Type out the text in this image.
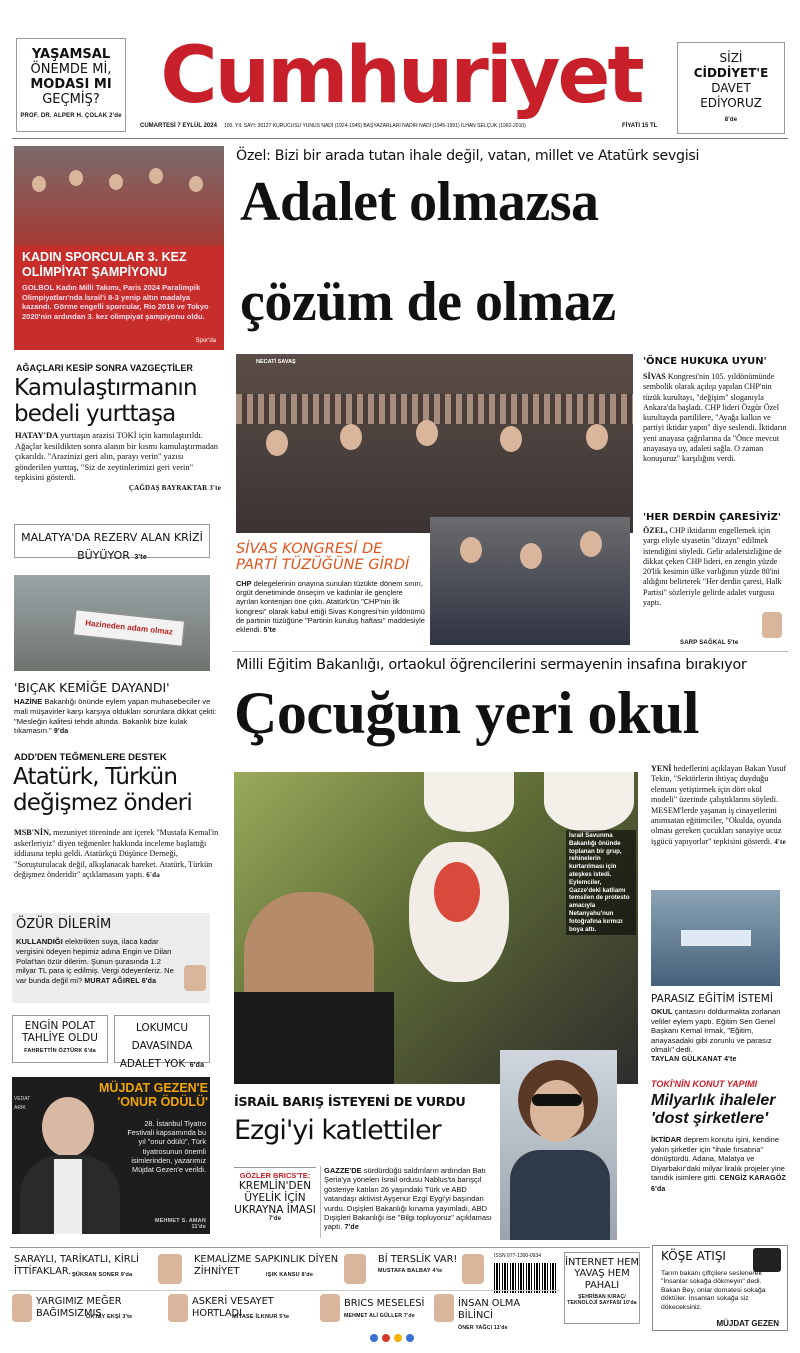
YAŞAMSAL
ÖNEMDE Mİ,
MODASI MI
GEÇMİŞ?
PROF. DR. ALPER H. ÇOLAK 2'de Cumhuriyet	SİZİ
CİDDİYET'E
DAVET
EDİYORUZ
8'de
CUMARTESİ 7 EYLÜL 2024 100. YIL SAYI: 36127 KURUCUSU YUNUS NADİ (1924-1945) BAŞYAZARLARI NADİR NADİ (1945-1991) İLHAN SELÇUK (1992-2010)	FİYATI 15 TL
KADIN SPORCULAR 3. KEZ OLİMPİYAT ŞAMPİYONU
GOLBOL Kadın Milli Takımı, Paris 2024 Paralimpik Olimpiyatları'nda İsrail'i 8-3 yenip altın madalya kazandı. Görme engelli sporcular, Rio 2016 ve Tokyo 2020'nin ardından 3. kez olimpiyat şampiyonu oldu.
Spor'da
AĞAÇLARI KESİP SONRA VAZGEÇTİLER
Kamulaştırmanın bedeli yurttaşa
HATAY'DA yurttaşın arazisi TOKİ için kamulaştırıldı. Ağaçlar kesildikten sonra alanın bir kısmı kamulaştırmadan çıkarıldı. "Arazinizi geri alın, parayı verin" yazısı gönderilen yurttaş, "Siz de zeytinlerimizi geri verin" tepkisini gösterdi.
ÇAĞDAŞ BAYRAKTAR 3'te
MALATYA'DA REZERV ALAN KRİZİ BÜYÜYOR 3'te
Hazineden adam olmaz
'BIÇAK KEMİĞE DAYANDI'
HAZİNE Bakanlığı önünde eylem yapan muhasebeciler ve mali müşavirler karşı karşıya oldukları sorunlara dikkat çekti: "Mesleğin kalitesi tehdit altında. Bakanlık bize kulak tıkamasın." 9'da
ADD'DEN TEĞMENLERE DESTEK
Atatürk, Türkün değişmez önderi
MSB'NİN, mezuniyet töreninde ant içerek "Mustafa Kemal'in askerleriyiz" diyen teğmenler hakkında inceleme başlattığı iddiasına tepki geldi. Atatürkçü Düşünce Derneği, "Soruşturulacak değil, alkışlanacak hareket. Atatürk, Türkün değişmez önderidir" açıklamasını yaptı. 6'da
ÖZÜR DİLERİM
KULLANDIĞI elektrikten suya, ilaca kadar vergisini ödeyen hepimiz adına Engin ve Dilan Polat'tan özür dilerim. Şunun şurasında 1.2 milyar TL para iç edilmiş. Vergi ödeyenleriz. Ne var bunda değil mi? MURAT AĞIREL 6'da
ENGİN POLAT TAHLİYE OLDU
FAHRETTİN ÖZTÜRK 6'da
LOKUMCU DAVASINDA ADALET YOK 6'da
VEDAT ARIK
MÜJDAT GEZEN'E 'ONUR ÖDÜLÜ'
28. İstanbul Tiyatro Festivali kapsamında bu yıl "onur ödülü", Türk tiyatrosunun önemli isimlerinden, yazarımız Müjdat Gezen'e verildi.
MEHMET S. AMAN 11'de
Özel: Bizi bir arada tutan ihale değil, vatan, millet ve Atatürk sevgisi
Adalet olmazsa
çözüm de olmaz
NECATİ SAVAŞ
SİVAS KONGRESİ DE
PARTİ TÜZÜĞÜNE GİRDİ
CHP delegelerinin onayına sunulan tüzükte dönem sınırı, örgüt denetiminde önseçim ve kadınlar ile gençlere ayrılan kontenjan öne çıktı. Atatürk'ün "CHP'nin ilk kongresi" olarak kabul ettiği Sivas Kongresi'nin yıldönümü de partinin tüzüğüne "Partinin kuruluş haftası" maddesiyle eklendi. 5'te
'ÖNCE HUKUKA UYUN'
SİVAS Kongresi'nin 105. yıldönümünde sembolik olarak açılışı yapılan CHP'nin tüzük kurultayı, "değişim" sloganıyla Ankara'da başladı. CHP lideri Özgür Özel kurultayda partililere, "Ayağa kalkın ve partiyi iktidar yapın" diye seslendi. İktidarın yeni anayasa çağrılarına da "Önce mevcut anayasaya uy, adaleti sağla. O zaman konuşuruz" karşılığını verdi.
'HER DERDİN ÇARESİYİZ'
ÖZEL, CHP iktidarını engellemek için yargı eliyle siyasetin "dizayn" edilmek istendiğini söyledi. Gelir adaletsizliğine de dikkat çeken CHP lideri, en zengin yüzde 20'lik kesimin ülke varlığının yüzde 80'ini aldığını belirterek "Her derdin çaresi, Halk Partisi" sözleriyle gelirde adalet vurgusu yaptı.
SARP SAĞKAL 5'te
Milli Eğitim Bakanlığı, ortaokul öğrencilerini sermayenin insafına bırakıyor
Çocuğun yeri okul
İsrail Savunma Bakanlığı önünde toplanan bir grup, rehinelerin kurtarılması için ateşkes istedi. Eylemciler, Gazze'deki katliamı temsilen de protesto amacıyla Netanyahu'nun fotoğrafına kırmızı boya attı.
YENİ hedeflerini açıklayan Bakan Yusuf Tekin, "Sektörlerin ihtiyaç duyduğu elemanı yetiştirmek için dört okul modeli" üzerinde çalıştıklarını söyledi. MESEM'lerde yaşanan iş cinayetlerini anımsatan eğitimciler, "Okulda, oyunda olması gereken çocukları sanayiye ucuz işgücü yapıyorlar" tepkisini gösterdi. 4'te
PARASIZ EĞİTİM İSTEMİ
OKUL çantasını doldurmakta zorlanan veliler eylem yaptı. Eğitim Sen Genel Başkanı Kemal Irmak, "Eğitim, anayasadaki gibi zorunlu ve parasız olmalı" dedi.
TAYLAN GÜLKANAT 4'te
İSRAİL BARIŞ İSTEYENİ DE VURDU
Ezgi'yi katlettiler
GÖZLER BRICS'TE:
KREMLİN'DEN ÜYELİK İÇİN UKRAYNA İMASI
7'de
GAZZE'DE sürdürdüğü saldırıların ardından Batı Şeria'ya yönelen İsrail ordusu Nablus'ta barışçıl gösteriye katılan 26 yaşındaki Türk ve ABD vatandaşı aktivist Ayşenur Ezgi Eygi'yi başından vurdu. Dışişleri Bakanlığı kınama yayımladı, ABD Dışişleri Bakanlığı ise "Bilgi topluyoruz" açıklaması yaptı. 7'de
TOKİ'NİN KONUT YAPIMI
Milyarlık ihaleler 'dost şirketlere'
İKTİDAR deprem konutu işini, kendine yakın şirketler için "ihale fırsatına" dönüştürdü. Adana, Malatya ve Diyarbakır'daki milyar liralık projeler yine tanıdık isimlere gitti. CENGİZ KARAGÖZ 6'da
SARAYLI, TARİKATLI, KİRLİ İTTİFAKLAR...
ŞÜKRAN SONER 9'da
KEMALİZME SAPKINLIK DİYEN ZİHNİYET	IŞIK KANSU 8'de
Bİ TERSLİK VAR!
MUSTAFA BALBAY 4'te
ISSN 977-1300-0934
İNTERNET HEM YAVAŞ HEM PAHALI
ŞEHRİBAN KIRAÇ/ TEKNOLOJİ SAYFASI 10'da
YARGIMIZ MEĞER BAĞIMSIZMIŞ
OKTAY EKŞİ 3'te
ASKERİ VESAYET HORTLADI
MİYASE İLKNUR 5'te
BRICS MESELESİ
MEHMET ALİ GÜLLER 7'de
İNSAN OLMA BİLİNCİ
ÖNER YAĞCI 11'de
KÖŞE ATIŞI
Tarım bakanı çiftçilere seslenerek "İnsanlar sokağa dökmeyin" dedi. Bakan Bey, onlar domatesi sokağa döktüler. İnsanları sokağa siz dökeceksiniz.
MÜJDAT GEZEN
